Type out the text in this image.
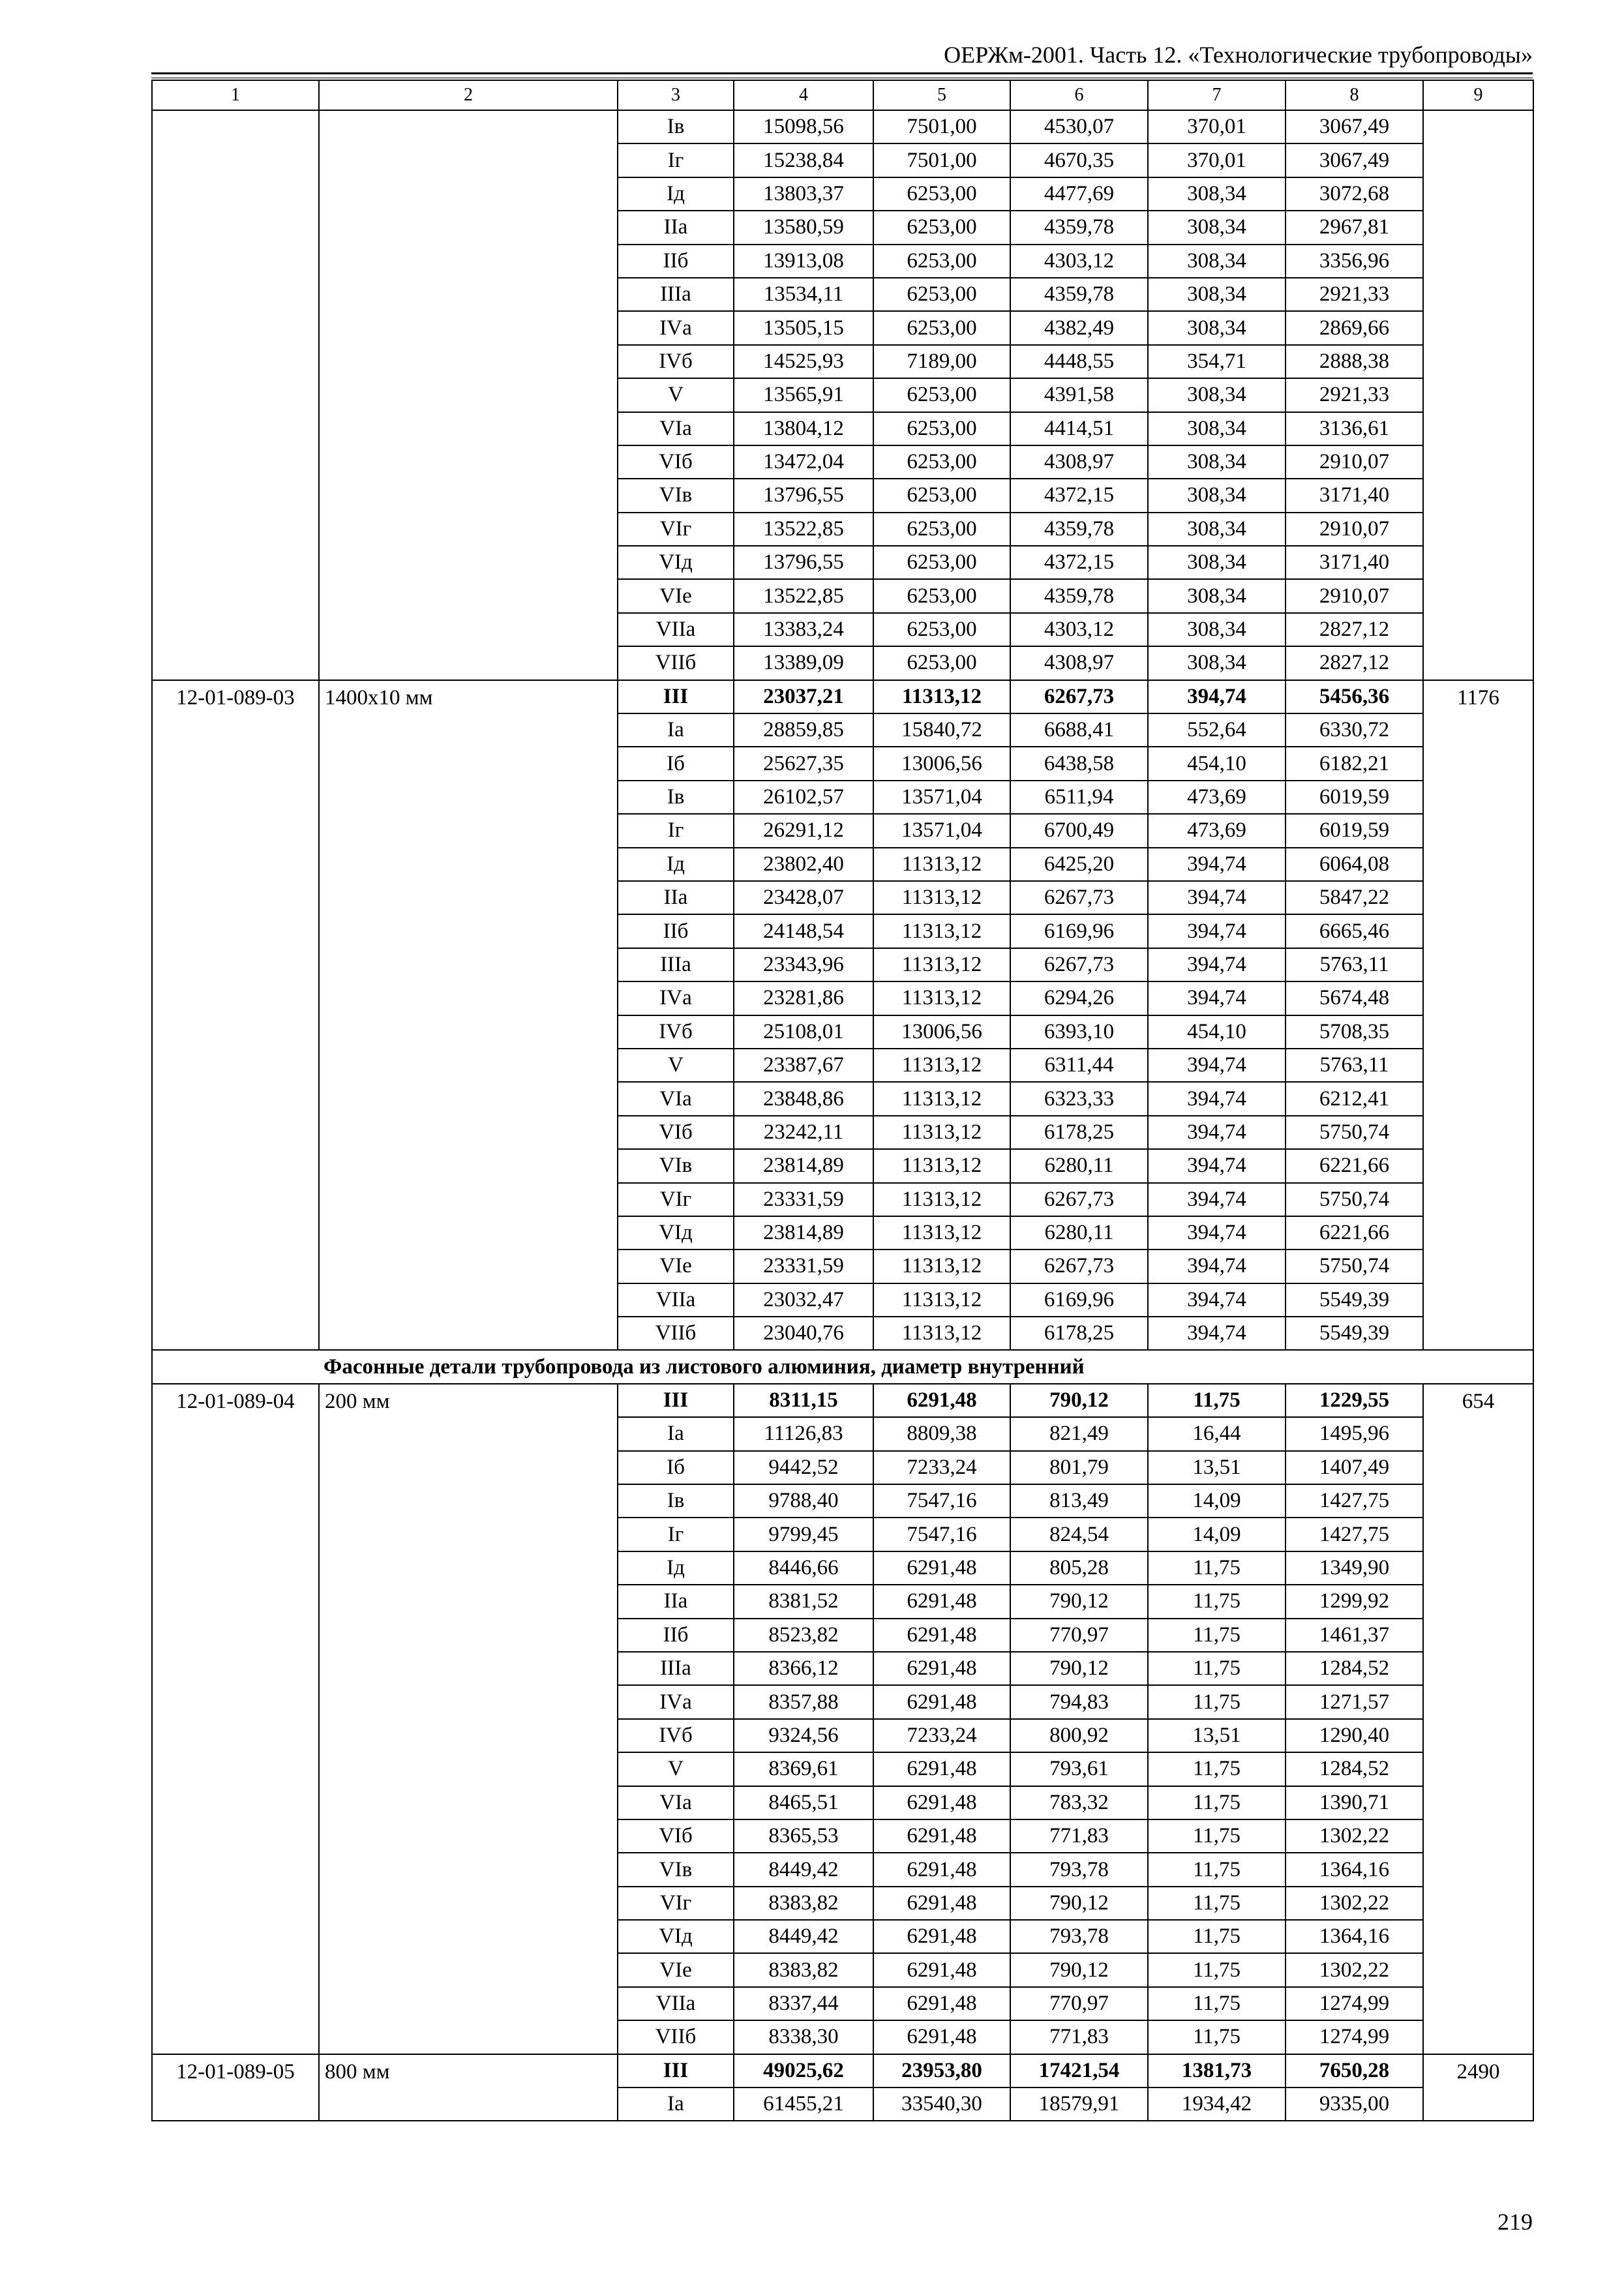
ОЕРЖм-2001. Часть 12. «Технологические трубопроводы»
1	2	3	4	5	6	7	8	9
		Iв	15098,56	7501,00	4530,07	370,01	3067,49	
		Iг	15238,84	7501,00	4670,35	370,01	3067,49	
		Iд	13803,37	6253,00	4477,69	308,34	3072,68	
		IIа	13580,59	6253,00	4359,78	308,34	2967,81	
		IIб	13913,08	6253,00	4303,12	308,34	3356,96	
		IIIа	13534,11	6253,00	4359,78	308,34	2921,33	
		IVа	13505,15	6253,00	4382,49	308,34	2869,66	
		IVб	14525,93	7189,00	4448,55	354,71	2888,38	
		V	13565,91	6253,00	4391,58	308,34	2921,33	
		VIа	13804,12	6253,00	4414,51	308,34	3136,61	
		VIб	13472,04	6253,00	4308,97	308,34	2910,07	
		VIв	13796,55	6253,00	4372,15	308,34	3171,40	
		VIг	13522,85	6253,00	4359,78	308,34	2910,07	
		VIд	13796,55	6253,00	4372,15	308,34	3171,40	
		VIе	13522,85	6253,00	4359,78	308,34	2910,07	
		VIIа	13383,24	6253,00	4303,12	308,34	2827,12	
		VIIб	13389,09	6253,00	4308,97	308,34	2827,12	
12-01-089-03	1400x10 мм	III	23037,21	11313,12	6267,73	394,74	5456,36	1176
		Iа	28859,85	15840,72	6688,41	552,64	6330,72	
		Iб	25627,35	13006,56	6438,58	454,10	6182,21	
		Iв	26102,57	13571,04	6511,94	473,69	6019,59	
		Iг	26291,12	13571,04	6700,49	473,69	6019,59	
		Iд	23802,40	11313,12	6425,20	394,74	6064,08	
		IIа	23428,07	11313,12	6267,73	394,74	5847,22	
		IIб	24148,54	11313,12	6169,96	394,74	6665,46	
		IIIа	23343,96	11313,12	6267,73	394,74	5763,11	
		IVа	23281,86	11313,12	6294,26	394,74	5674,48	
		IVб	25108,01	13006,56	6393,10	454,10	5708,35	
		V	23387,67	11313,12	6311,44	394,74	5763,11	
		VIа	23848,86	11313,12	6323,33	394,74	6212,41	
		VIб	23242,11	11313,12	6178,25	394,74	5750,74	
		VIв	23814,89	11313,12	6280,11	394,74	6221,66	
		VIг	23331,59	11313,12	6267,73	394,74	5750,74	
		VIд	23814,89	11313,12	6280,11	394,74	6221,66	
		VIе	23331,59	11313,12	6267,73	394,74	5750,74	
		VIIа	23032,47	11313,12	6169,96	394,74	5549,39	
		VIIб	23040,76	11313,12	6178,25	394,74	5549,39	
Фасонные детали трубопровода из листового алюминия, диаметр внутренний								
12-01-089-04	200 мм	III	8311,15	6291,48	790,12	11,75	1229,55	654
		Iа	11126,83	8809,38	821,49	16,44	1495,96	
		Iб	9442,52	7233,24	801,79	13,51	1407,49	
		Iв	9788,40	7547,16	813,49	14,09	1427,75	
		Iг	9799,45	7547,16	824,54	14,09	1427,75	
		Iд	8446,66	6291,48	805,28	11,75	1349,90	
		IIа	8381,52	6291,48	790,12	11,75	1299,92	
		IIб	8523,82	6291,48	770,97	11,75	1461,37	
		IIIа	8366,12	6291,48	790,12	11,75	1284,52	
		IVа	8357,88	6291,48	794,83	11,75	1271,57	
		IVб	9324,56	7233,24	800,92	13,51	1290,40	
		V	8369,61	6291,48	793,61	11,75	1284,52	
		VIа	8465,51	6291,48	783,32	11,75	1390,71	
		VIб	8365,53	6291,48	771,83	11,75	1302,22	
		VIв	8449,42	6291,48	793,78	11,75	1364,16	
		VIг	8383,82	6291,48	790,12	11,75	1302,22	
		VIд	8449,42	6291,48	793,78	11,75	1364,16	
		VIе	8383,82	6291,48	790,12	11,75	1302,22	
		VIIа	8337,44	6291,48	770,97	11,75	1274,99	
		VIIб	8338,30	6291,48	771,83	11,75	1274,99	
12-01-089-05	800 мм	III	49025,62	23953,80	17421,54	1381,73	7650,28	2490
		Iа	61455,21	33540,30	18579,91	1934,42	9335,00	
219
